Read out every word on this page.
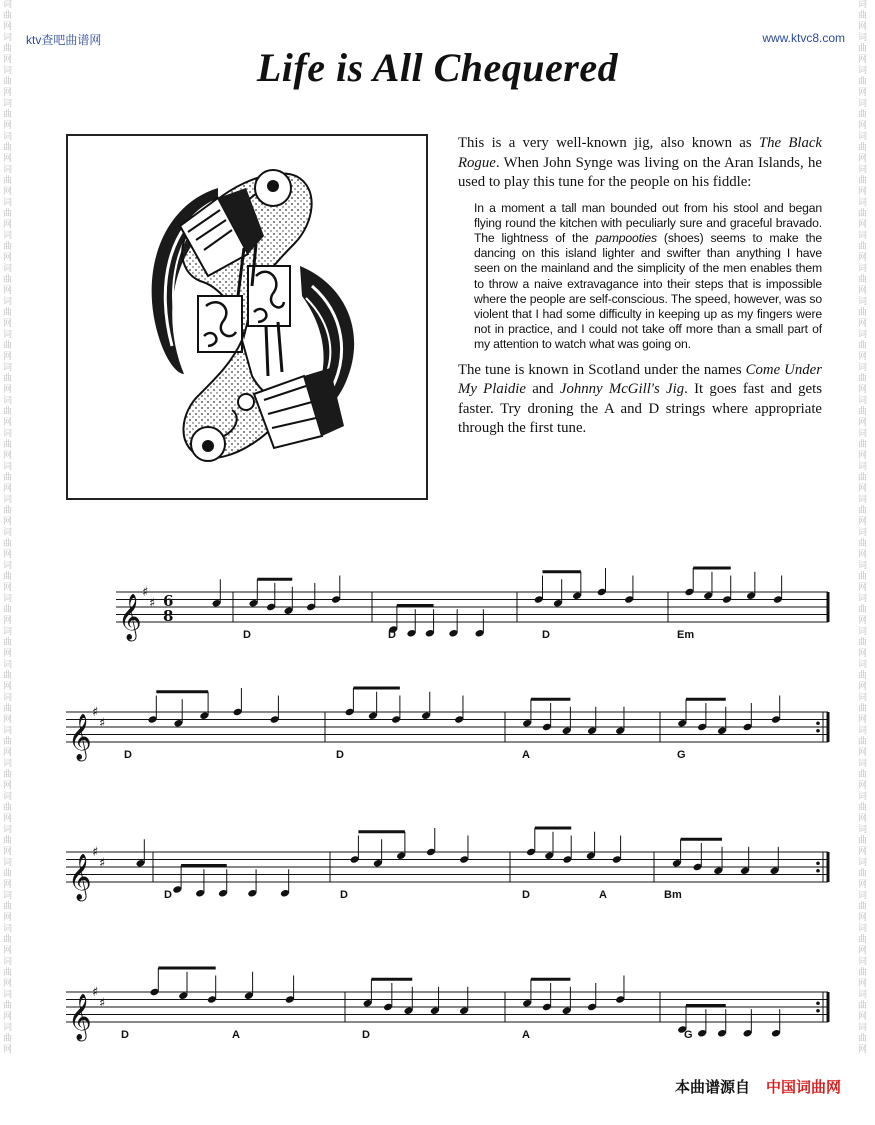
词曲网词曲网词曲网词曲网词曲网词曲网词曲网词曲网词曲网词曲网词曲网词曲网词曲网词曲网词曲网词曲网词曲网词曲网词曲网词曲网词曲网词曲网词曲网词曲网词曲网词曲网词曲网词曲网词曲网词曲网词曲网词曲网
词曲网词曲网词曲网词曲网词曲网词曲网词曲网词曲网词曲网词曲网词曲网词曲网词曲网词曲网词曲网词曲网词曲网词曲网词曲网词曲网词曲网词曲网词曲网词曲网词曲网词曲网词曲网词曲网词曲网词曲网词曲网词曲网
ktv查吧曲谱网	www.ktvc8.com
Life is All Chequered

This is a very well-known jig, also known as The Black Rogue. When John Synge was living on the Aran Islands, he used to play this tune for the people on his fiddle:

In a moment a tall man bounded out from his stool and began flying round the kitchen with peculiarly sure and graceful bravado. The lightness of the pampooties (shoes) seems to make the dancing on this island lighter and swifter than anything I have seen on the mainland and the simplicity of the men enables them to throw a naive extravagance into their steps that is impossible where the people are self-conscious. The speed, however, was so violent that I had some difficulty in keeping up as my fingers were not in practice, and I could not take off more than a small part of my attention to watch what was going on.

The tune is known in Scotland under the names Come Under My Plaidie and Johnny McGill's Jig. It goes fast and gets faster. Try droning the A and D strings where appropriate through the first tune.

𝄞
♯
♯ 6
8
D	D	D	Em
𝄞
♯
♯
D	D	A	G
𝄞
♯
♯
D	D	D	A	Bm
𝄞
♯
♯
D	A	D	A	G
本曲谱源自 中国词曲网
